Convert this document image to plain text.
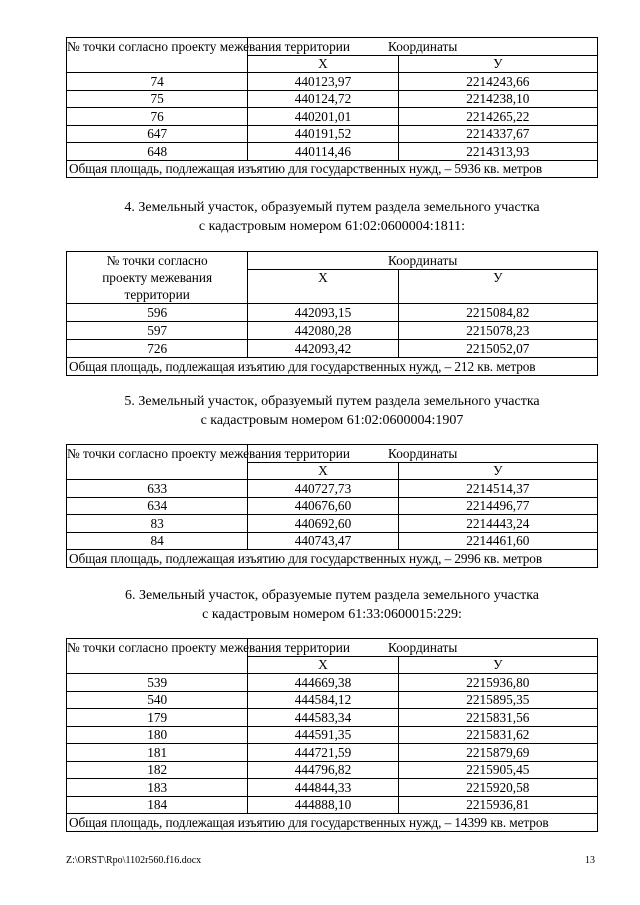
№ точки согласно проекту межевания территории	Координаты	
	Х	У
74	440123,97	2214243,66
75	440124,72	2214238,10
76	440201,01	2214265,22
647	440191,52	2214337,67
648	440114,46	2214313,93
Общая площадь, подлежащая изъятию для государственных нужд, – 5936 кв. метров		
4. Земельный участок, образуемый путем раздела земельного участка
с кадастровым номером 61:02:0600004:1811:
№ точки согласно
проекту межевания
территории	Координаты	
	Х	У
596	442093,15	2215084,82
597	442080,28	2215078,23
726	442093,42	2215052,07
Общая площадь, подлежащая изъятию для государственных нужд, – 212 кв. метров		
5. Земельный участок, образуемый путем раздела земельного участка
с кадастровым номером 61:02:0600004:1907
№ точки согласно проекту межевания территории	Координаты	
	Х	У
633	440727,73	2214514,37
634	440676,60	2214496,77
83	440692,60	2214443,24
84	440743,47	2214461,60
Общая площадь, подлежащая изъятию для государственных нужд, – 2996 кв. метров		
6. Земельный участок, образуемые путем раздела земельного участка
с кадастровым номером 61:33:0600015:229:
№ точки согласно проекту межевания территории	Координаты	
	Х	У
539	444669,38	2215936,80
540	444584,12	2215895,35
179	444583,34	2215831,56
180	444591,35	2215831,62
181	444721,59	2215879,69
182	444796,82	2215905,45
183	444844,33	2215920,58
184	444888,10	2215936,81
Общая площадь, подлежащая изъятию для государственных нужд, – 14399 кв. метров		
Z:\ORST\Rpo\1102r560.f16.docx	13
